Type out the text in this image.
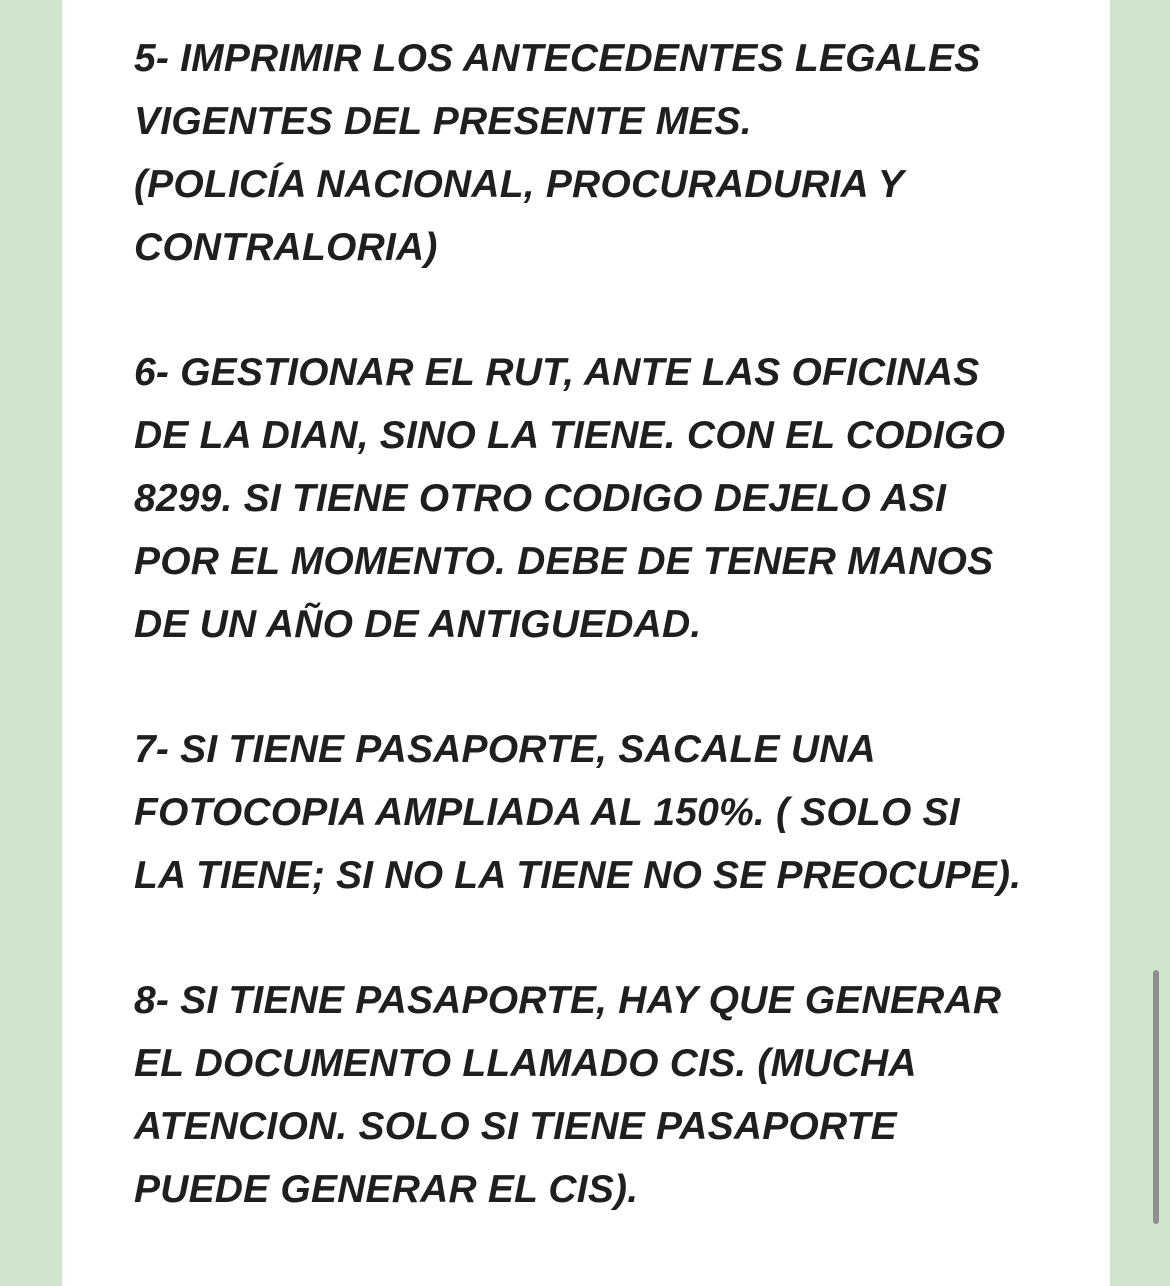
5- IMPRIMIR LOS ANTECEDENTES LEGALES
VIGENTES DEL PRESENTE MES.
(POLICÍA NACIONAL, PROCURADURIA Y
CONTRALORIA)
6- GESTIONAR EL RUT, ANTE LAS OFICINAS
DE LA DIAN, SINO LA TIENE. CON EL CODIGO
8299. SI TIENE OTRO CODIGO DEJELO ASI
POR EL MOMENTO. DEBE DE TENER MANOS
DE UN AÑO DE ANTIGUEDAD.
7- SI TIENE PASAPORTE, SACALE UNA
FOTOCOPIA AMPLIADA AL 150%. ( SOLO SI
LA TIENE; SI NO LA TIENE NO SE PREOCUPE).
8- SI TIENE PASAPORTE, HAY QUE GENERAR
EL DOCUMENTO LLAMADO CIS. (MUCHA
ATENCION. SOLO SI TIENE PASAPORTE
PUEDE GENERAR EL CIS).
